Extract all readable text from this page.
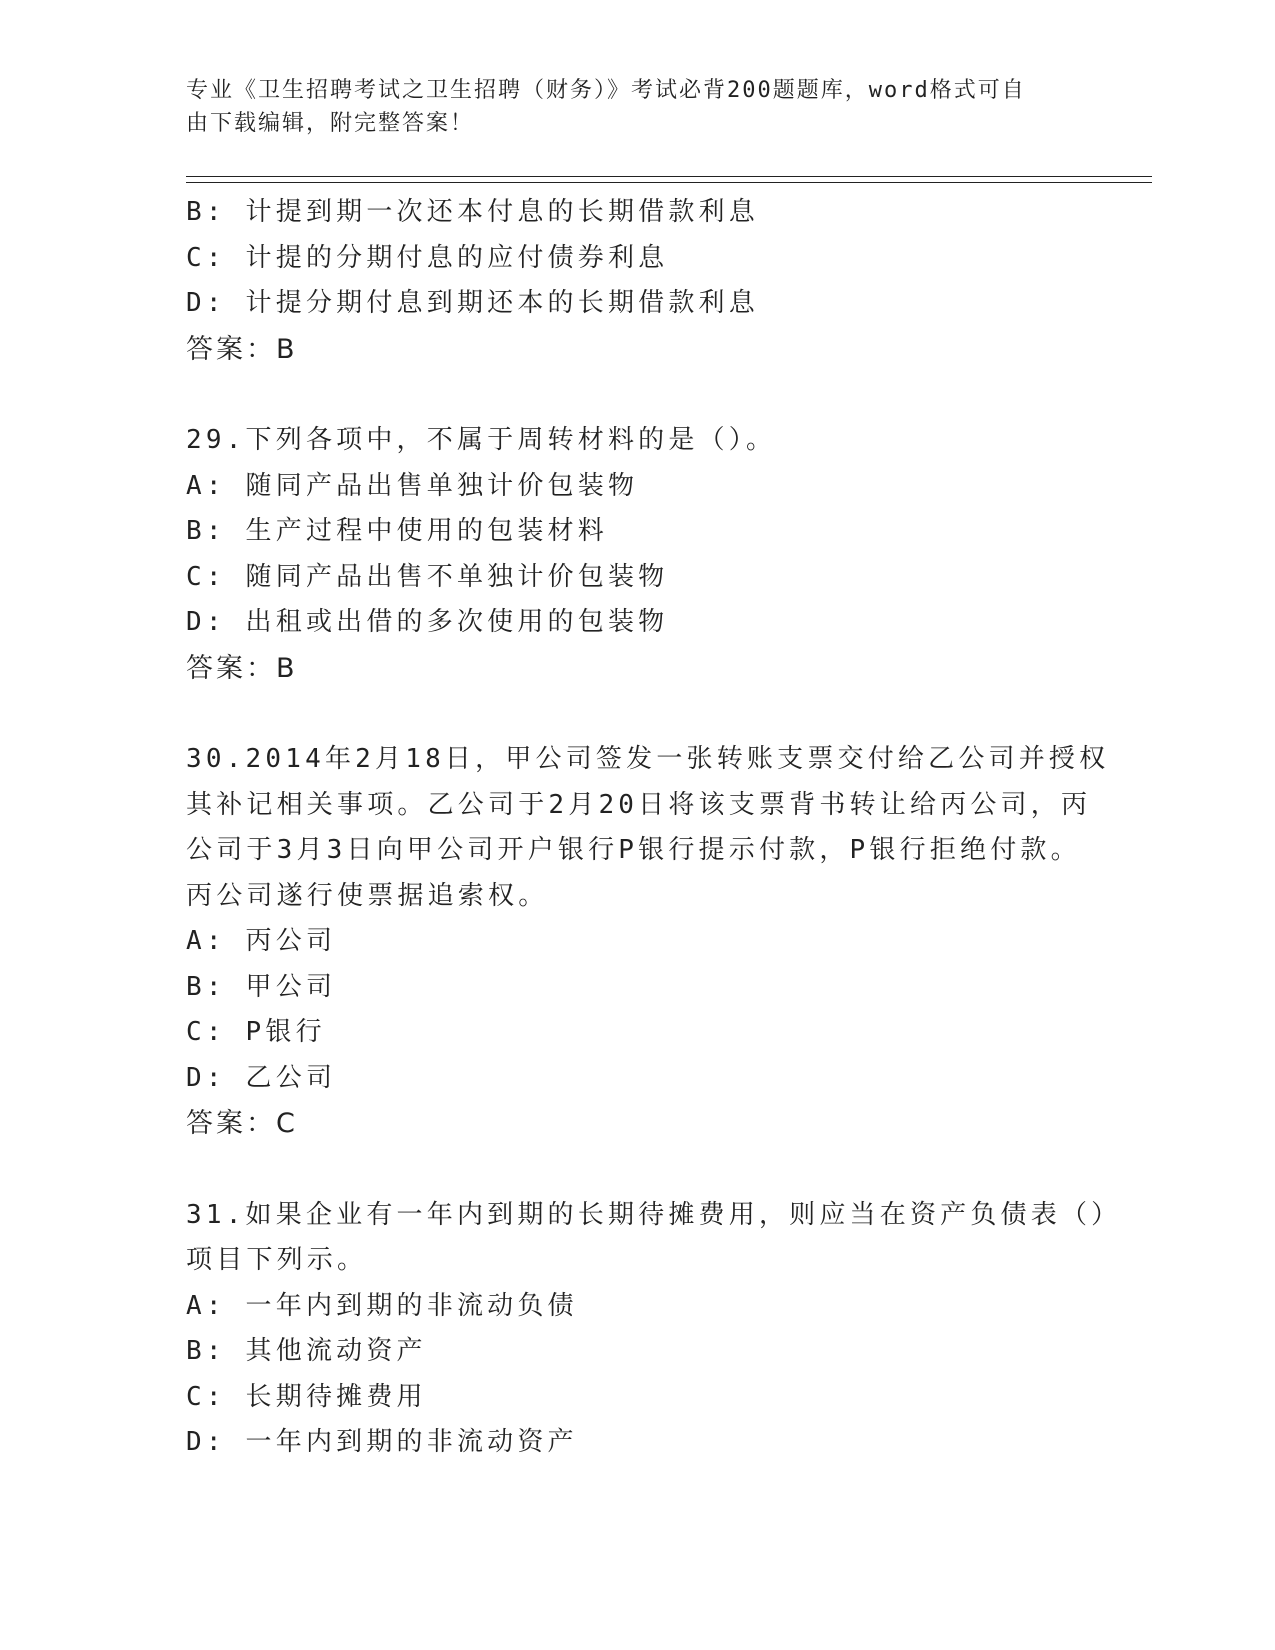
专业《卫生招聘考试之卫生招聘（财务）》考试必背200题题库，word格式可自
由下载编辑，附完整答案！
B: 计提到期一次还本付息的长期借款利息
C: 计提的分期付息的应付债券利息
D: 计提分期付息到期还本的长期借款利息
答案：B
29.下列各项中，不属于周转材料的是（）。
A: 随同产品出售单独计价包装物
B: 生产过程中使用的包装材料
C: 随同产品出售不单独计价包装物
D: 出租或出借的多次使用的包装物
答案：B
30.2014年2月18日，甲公司签发一张转账支票交付给乙公司并授权
其补记相关事项。乙公司于2月20日将该支票背书转让给丙公司，丙
公司于3月3日向甲公司开户银行P银行提示付款，P银行拒绝付款。
丙公司遂行使票据追索权。
A: 丙公司
B: 甲公司
C: P银行
D: 乙公司
答案：C
31.如果企业有一年内到期的长期待摊费用，则应当在资产负债表（）
项目下列示。
A: 一年内到期的非流动负债
B: 其他流动资产
C: 长期待摊费用
D: 一年内到期的非流动资产
